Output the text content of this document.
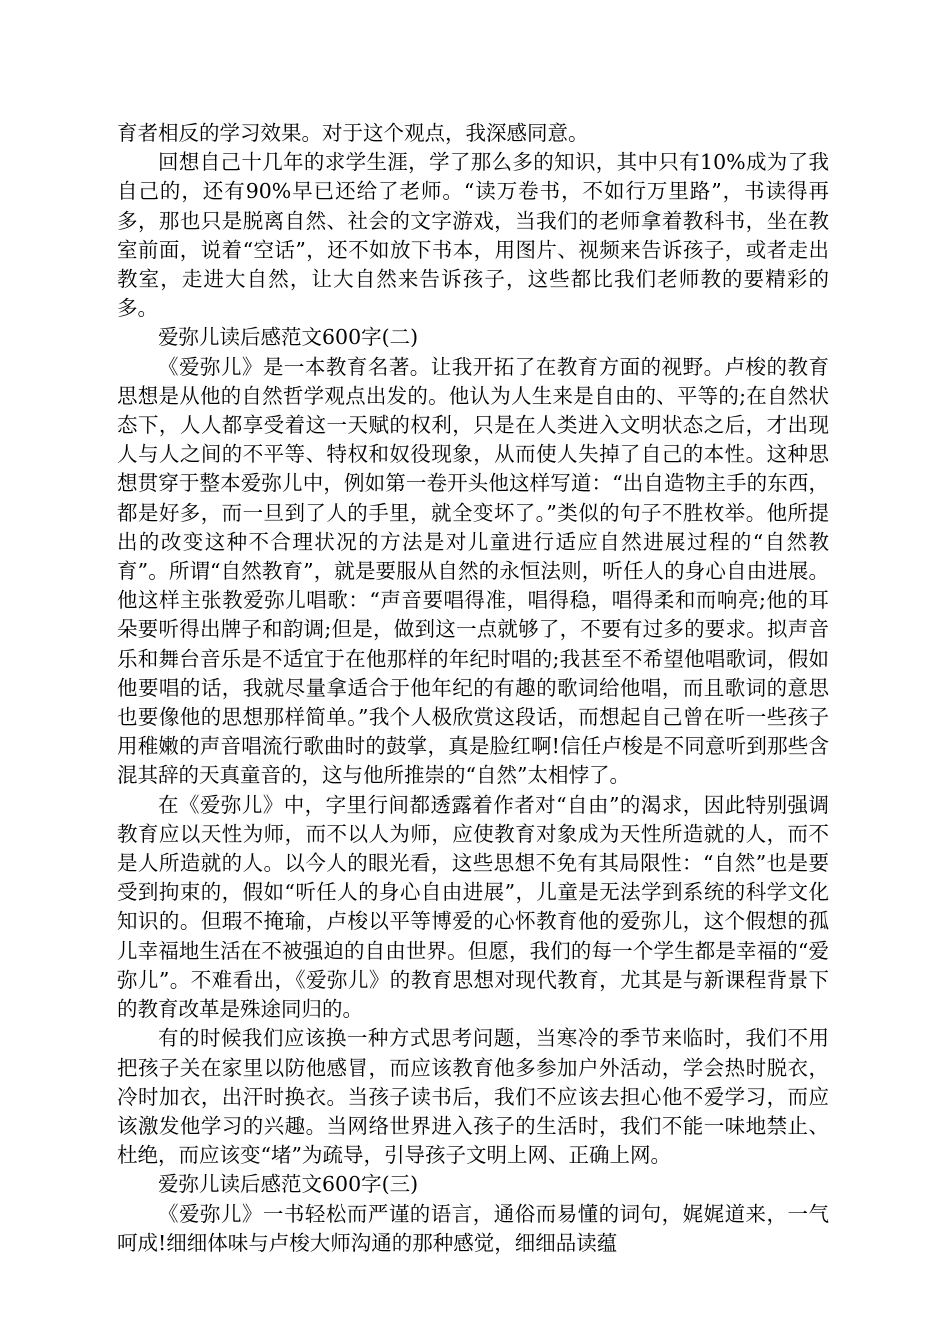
育者相反的学习效果。对于这个观点，我深感同意。

回想自己十几年的求学生涯，学了那么多的知识，其中只有10%成为了我自己的，还有90%早已还给了老师。“读万卷书，不如行万里路”，书读得再多，那也只是脱离自然、社会的文字游戏，当我们的老师拿着教科书，坐在教室前面，说着“空话”，还不如放下书本，用图片、视频来告诉孩子，或者走出教室，走进大自然，让大自然来告诉孩子，这些都比我们老师教的要精彩的多。

爱弥儿读后感范文600字(二)

《爱弥儿》是一本教育名著。让我开拓了在教育方面的视野。卢梭的教育思想是从他的自然哲学观点出发的。他认为人生来是自由的、平等的;在自然状态下，人人都享受着这一天赋的权利，只是在人类进入文明状态之后，才出现人与人之间的不平等、特权和奴役现象，从而使人失掉了自己的本性。这种思想贯穿于整本爱弥儿中，例如第一卷开头他这样写道：“出自造物主手的东西，都是好多，而一旦到了人的手里，就全变坏了。”类似的句子不胜枚举。他所提出的改变这种不合理状况的方法是对儿童进行适应自然进展过程的“自然教育”。所谓“自然教育”，就是要服从自然的永恒法则，听任人的身心自由进展。他这样主张教爱弥儿唱歌：“声音要唱得准，唱得稳，唱得柔和而响亮;他的耳朵要听得出牌子和韵调;但是，做到这一点就够了，不要有过多的要求。拟声音乐和舞台音乐是不适宜于在他那样的年纪时唱的;我甚至不希望他唱歌词，假如他要唱的话，我就尽量拿适合于他年纪的有趣的歌词给他唱，而且歌词的意思也要像他的思想那样简单。”我个人极欣赏这段话，而想起自己曾在听一些孩子用稚嫩的声音唱流行歌曲时的鼓掌，真是脸红啊!信任卢梭是不同意听到那些含混其辞的天真童音的，这与他所推崇的“自然”太相悖了。

在《爱弥儿》中，字里行间都透露着作者对“自由”的渴求，因此特别强调教育应以天性为师，而不以人为师，应使教育对象成为天性所造就的人，而不是人所造就的人。以今人的眼光看，这些思想不免有其局限性：“自然”也是要受到拘束的，假如“听任人的身心自由进展”，儿童是无法学到系统的科学文化知识的。但瑕不掩瑜，卢梭以平等博爱的心怀教育他的爱弥儿，这个假想的孤儿幸福地生活在不被强迫的自由世界。但愿，我们的每一个学生都是幸福的“爱弥儿”。不难看出，《爱弥儿》的教育思想对现代教育，尤其是与新课程背景下的教育改革是殊途同归的。

有的时候我们应该换一种方式思考问题，当寒冷的季节来临时，我们不用把孩子关在家里以防他感冒，而应该教育他多参加户外活动，学会热时脱衣，冷时加衣，出汗时换衣。当孩子读书后，我们不应该去担心他不爱学习，而应该激发他学习的兴趣。当网络世界进入孩子的生活时，我们不能一味地禁止、杜绝，而应该变“堵”为疏导，引导孩子文明上网、正确上网。

爱弥儿读后感范文600字(三)

《爱弥儿》一书轻松而严谨的语言，通俗而易懂的词句，娓娓道来，一气呵成!细细体味与卢梭大师沟通的那种感觉，细细品读蕴
